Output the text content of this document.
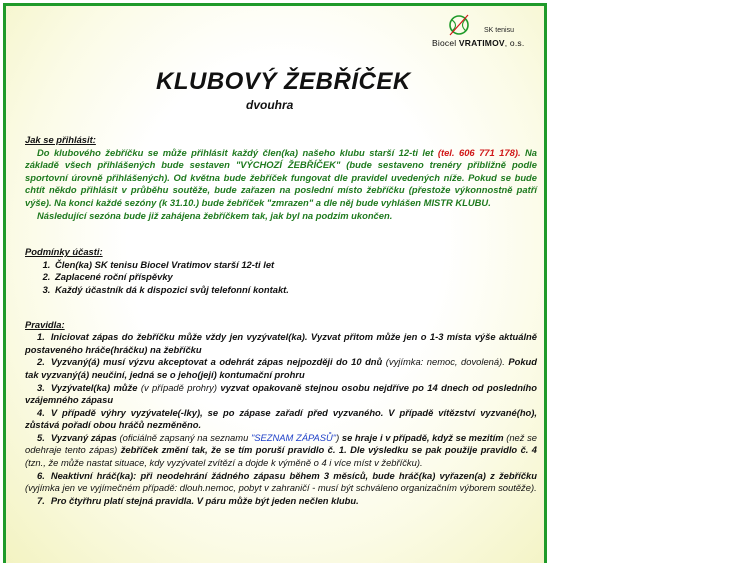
SK tenisu
Biocel VRATIMOV, o.s.
KLUBOVÝ ŽEBŘÍČEK
dvouhra
Jak se přihlásit:

Do klubového žebříčku se může přihlásit každý člen(ka) našeho klubu starší 12-ti let (tel. 606 771 178). Na základě všech přihlášených bude sestaven "VÝCHOZÍ ŽEBŘÍČEK" (bude sestaveno trenéry přibližně podle sportovní úrovně přihlášených). Od května bude žebříček fungovat dle pravidel uvedených níže. Pokud se bude chtít někdo přihlásit v průběhu soutěže, bude zařazen na poslední místo žebříčku (přestože výkonnostně patří výše). Na konci každé sezóny (k 31.10.) bude žebříček "zmrazen" a dle něj bude vyhlášen MISTR KLUBU.

Následující sezóna bude již zahájena žebříčkem tak, jak byl na podzim ukončen.

Podmínky účasti:
1. Člen(ka) SK tenisu Biocel Vratimov starší 12-ti let
2. Zaplacené roční příspěvky
3. Každý účastník dá k dispozici svůj telefonní kontakt.
Pravidla:

1. Iniciovat zápas do žebříčku může vždy jen vyzývatel(ka). Vyzvat přitom může jen o 1-3 místa výše aktuálně postaveného hráče(hráčku) na žebříčku

2. Vyzvaný(á) musí výzvu akceptovat a odehrát zápas nejpozději do 10 dnů (vyjímka: nemoc, dovolená). Pokud tak vyzvaný(á) neučiní, jedná se o jeho(její) kontumační prohru

3. Vyzývatel(ka) může (v případě prohry) vyzvat opakovaně stejnou osobu nejdříve po 14 dnech od posledního vzájemného zápasu

4. V případě výhry vyzývatele(-lky), se po zápase zařadí před vyzvaného. V případě vítězství vyzvané(ho), zůstává pořadí obou hráčů nezměněno.

5. Vyzvaný zápas (oficiálně zapsaný na seznamu "SEZNAM ZÁPASŮ") se hraje i v případě, když se mezitím (než se odehraje tento zápas) žebříček změní tak, že se tím poruší pravidlo č. 1. Dle výsledku se pak použije pravidlo č. 4 (tzn., že může nastat situace, kdy vyzývatel zvítězí a dojde k výměně o 4 i více míst v žebříčku).

6. Neaktivní hráč(ka): při neodehrání žádného zápasu během 3 měsíců, bude hráč(ka) vyřazen(a) z žebříčku (vyjímka jen ve vyjímečném případě: dlouh.nemoc, pobyt v zahraničí - musí být schváleno organizačním výborem soutěže).

7. Pro čtyřhru platí stejná pravidla. V páru může být jeden nečlen klubu.
